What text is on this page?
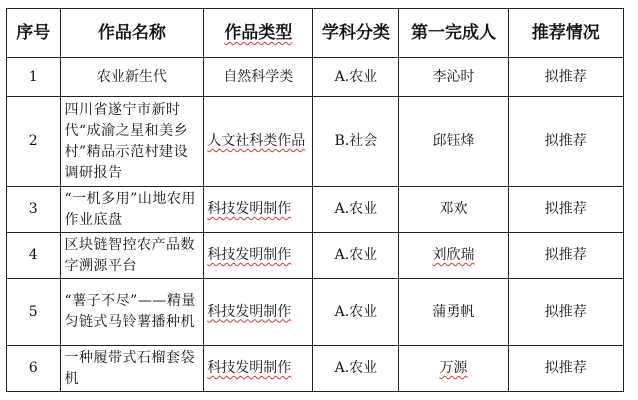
序号	作品名称	作品类型	学科分类	第一完成人	推荐情况
1	农业新生代	自然科学类	A.农业	李沁时	拟推荐
2	四川省遂宁市新时代“成渝之星和美乡村”精品示范村建设调研报告	人文社科类作品	B.社会	邱钰烽	拟推荐
3	“一机多用”山地农用作业底盘	科技发明制作	A.农业	邓欢	拟推荐
4	区块链智控农产品数字溯源平台	科技发明制作	A.农业	刘欣瑞	拟推荐
5	“薯子不尽”——精量匀链式马铃薯播种机	科技发明制作	A.农业	蒲勇帆	拟推荐
6	一种履带式石榴套袋机	科技发明制作	A.农业	万源	拟推荐
